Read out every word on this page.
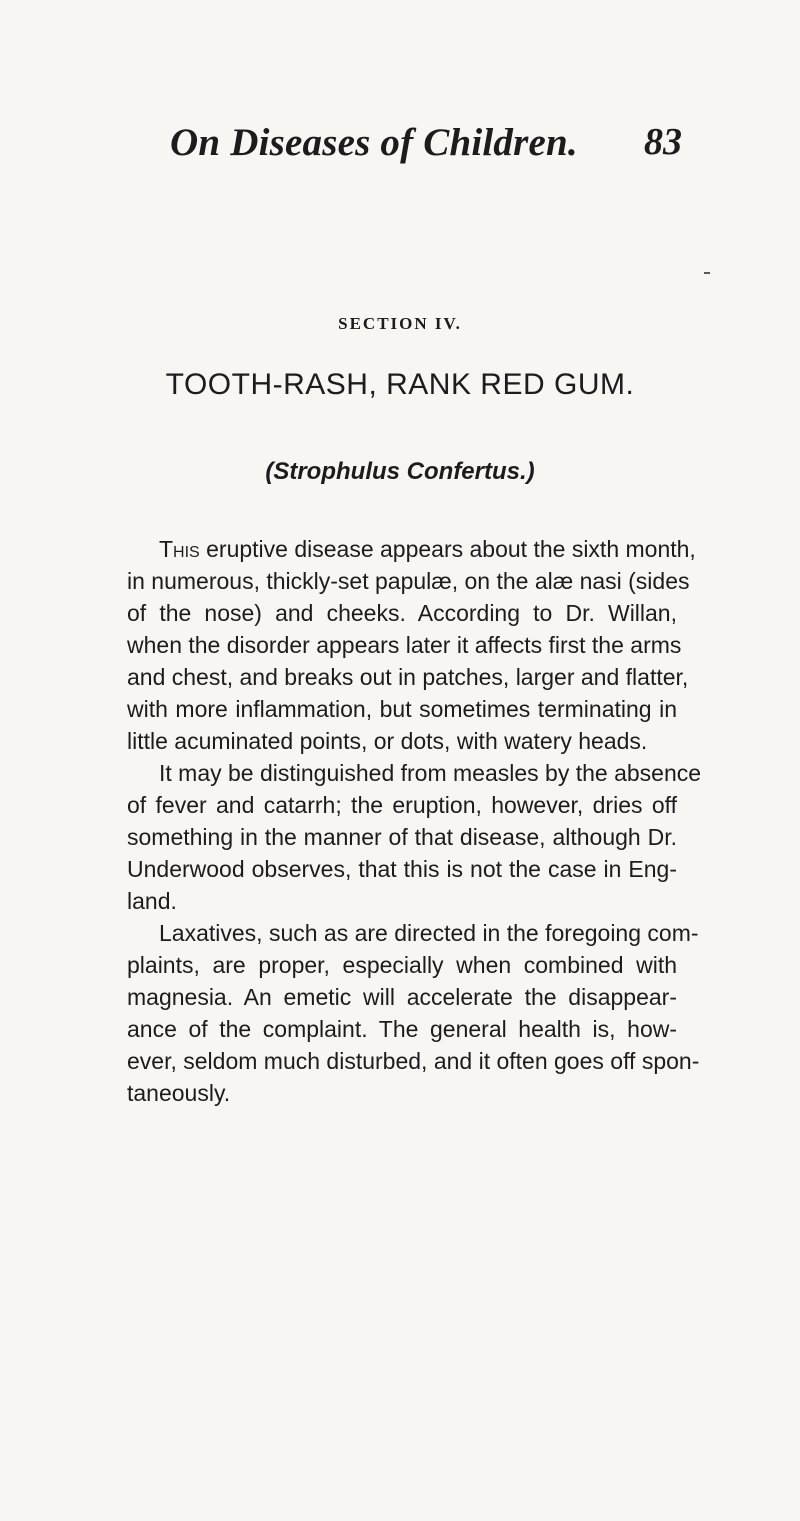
On Diseases of Children. 83
SECTION IV.
TOOTH-RASH, RANK RED GUM.
(Strophulus Confertus.)
This eruptive disease appears about the sixth month,
in numerous, thickly-set papulæ, on the alæ nasi (sides
of the nose) and cheeks. According to Dr. Willan,
when the disorder appears later it affects first the arms
and chest, and breaks out in patches, larger and flatter,
with more inflammation, but sometimes terminating in
little acuminated points, or dots, with watery heads.
It may be distinguished from measles by the absence
of fever and catarrh; the eruption, however, dries off
something in the manner of that disease, although Dr.
Underwood observes, that this is not the case in Eng-
land.
Laxatives, such as are directed in the foregoing com-
plaints, are proper, especially when combined with
magnesia. An emetic will accelerate the disappear-
ance of the complaint. The general health is, how-
ever, seldom much disturbed, and it often goes off spon-
taneously.
